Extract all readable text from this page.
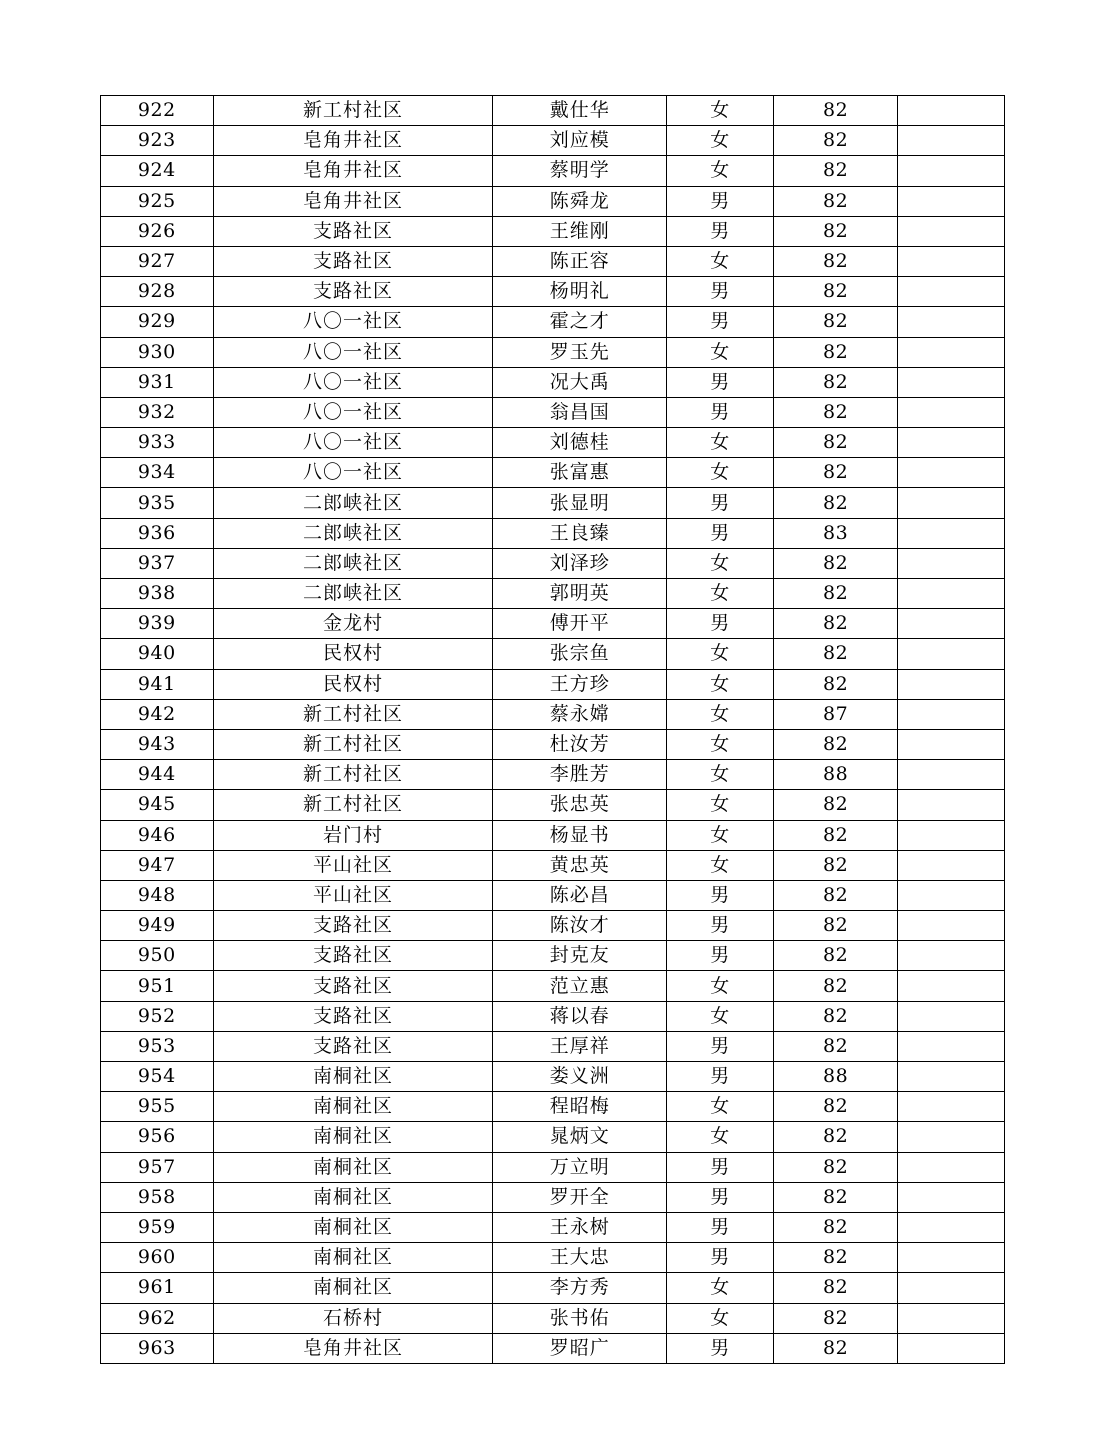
922	新工村社区	戴仕华	女	82	
923	皂角井社区	刘应模	女	82	
924	皂角井社区	蔡明学	女	82	
925	皂角井社区	陈舜龙	男	82	
926	支路社区	王维刚	男	82	
927	支路社区	陈正容	女	82	
928	支路社区	杨明礼	男	82	
929	八〇一社区	霍之才	男	82	
930	八〇一社区	罗玉先	女	82	
931	八〇一社区	况大禹	男	82	
932	八〇一社区	翁昌国	男	82	
933	八〇一社区	刘德桂	女	82	
934	八〇一社区	张富惠	女	82	
935	二郎峡社区	张显明	男	82	
936	二郎峡社区	王良臻	男	83	
937	二郎峡社区	刘泽珍	女	82	
938	二郎峡社区	郭明英	女	82	
939	金龙村	傅开平	男	82	
940	民权村	张宗鱼	女	82	
941	民权村	王方珍	女	82	
942	新工村社区	蔡永嫦	女	87	
943	新工村社区	杜汝芳	女	82	
944	新工村社区	李胜芳	女	88	
945	新工村社区	张忠英	女	82	
946	岩门村	杨显书	女	82	
947	平山社区	黄忠英	女	82	
948	平山社区	陈必昌	男	82	
949	支路社区	陈汝才	男	82	
950	支路社区	封克友	男	82	
951	支路社区	范立惠	女	82	
952	支路社区	蒋以春	女	82	
953	支路社区	王厚祥	男	82	
954	南桐社区	娄义洲	男	88	
955	南桐社区	程昭梅	女	82	
956	南桐社区	晁炳文	女	82	
957	南桐社区	万立明	男	82	
958	南桐社区	罗开全	男	82	
959	南桐社区	王永树	男	82	
960	南桐社区	王大忠	男	82	
961	南桐社区	李方秀	女	82	
962	石桥村	张书佑	女	82	
963	皂角井社区	罗昭广	男	82	
